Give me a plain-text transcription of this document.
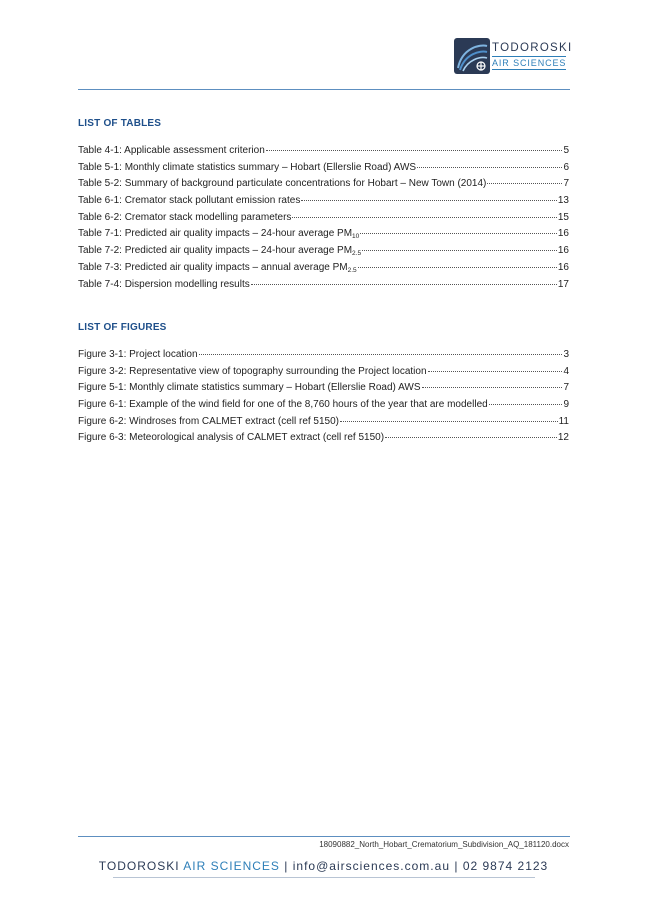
TODOROSKI
AIR SCIENCES
LIST OF TABLES
Table 4-1: Applicable assessment criterion	5
Table 5-1: Monthly climate statistics summary – Hobart (Ellerslie Road) AWS	6
Table 5-2: Summary of background particulate concentrations for Hobart – New Town (2014)	7
Table 6-1: Cremator stack pollutant emission rates	13
Table 6-2: Cremator stack modelling parameters	15
Table 7-1: Predicted air quality impacts – 24-hour average $PM_{10}$	16
Table 7-2: Predicted air quality impacts – 24-hour average $PM_{2.5}$	16
Table 7-3: Predicted air quality impacts – annual average $PM_{2.5}$	16
Table 7-4: Dispersion modelling results	17
LIST OF FIGURES
Figure 3-1: Project location	3
Figure 3-2: Representative view of topography surrounding the Project location	4
Figure 5-1: Monthly climate statistics summary – Hobart (Ellerslie Road) AWS	7
Figure 6-1: Example of the wind field for one of the 8,760 hours of the year that are modelled	9
Figure 6-2: Windroses from CALMET extract (cell ref 5150)	11
Figure 6-3: Meteorological analysis of CALMET extract (cell ref 5150)	12
18090882_North_Hobart_Crematorium_Subdivision_AQ_181120.docx
TODOROSKI AIR SCIENCES | info@airsciences.com.au | 02 9874 2123
